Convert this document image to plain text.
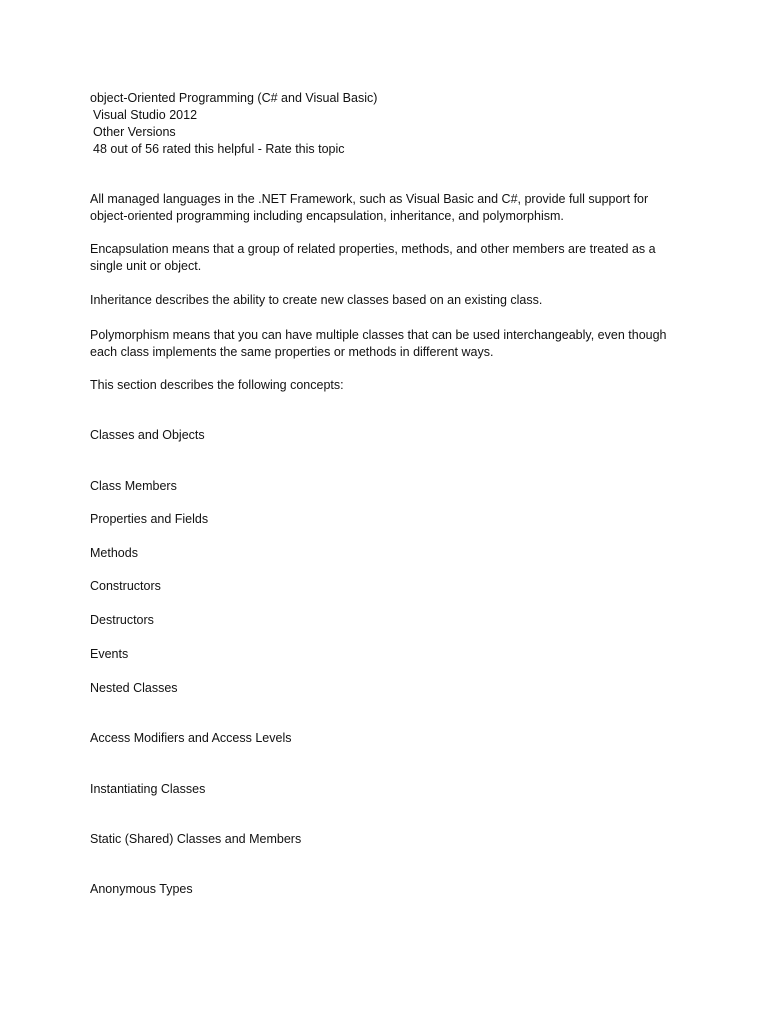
object-Oriented Programming (C# and Visual Basic)
Visual Studio 2012
Other Versions
48 out of 56 rated this helpful - Rate this topic

All managed languages in the .NET Framework, such as Visual Basic and C#, provide full support for
object-oriented programming including encapsulation, inheritance, and polymorphism.

Encapsulation means that a group of related properties, methods, and other members are treated as a
single unit or object.

Inheritance describes the ability to create new classes based on an existing class.

Polymorphism means that you can have multiple classes that can be used interchangeably, even though
each class implements the same properties or methods in different ways.

This section describes the following concepts:

Classes and Objects
Class Members
Properties and Fields
Methods
Constructors
Destructors
Events
Nested Classes
Access Modifiers and Access Levels
Instantiating Classes
Static (Shared) Classes and Members
Anonymous Types
